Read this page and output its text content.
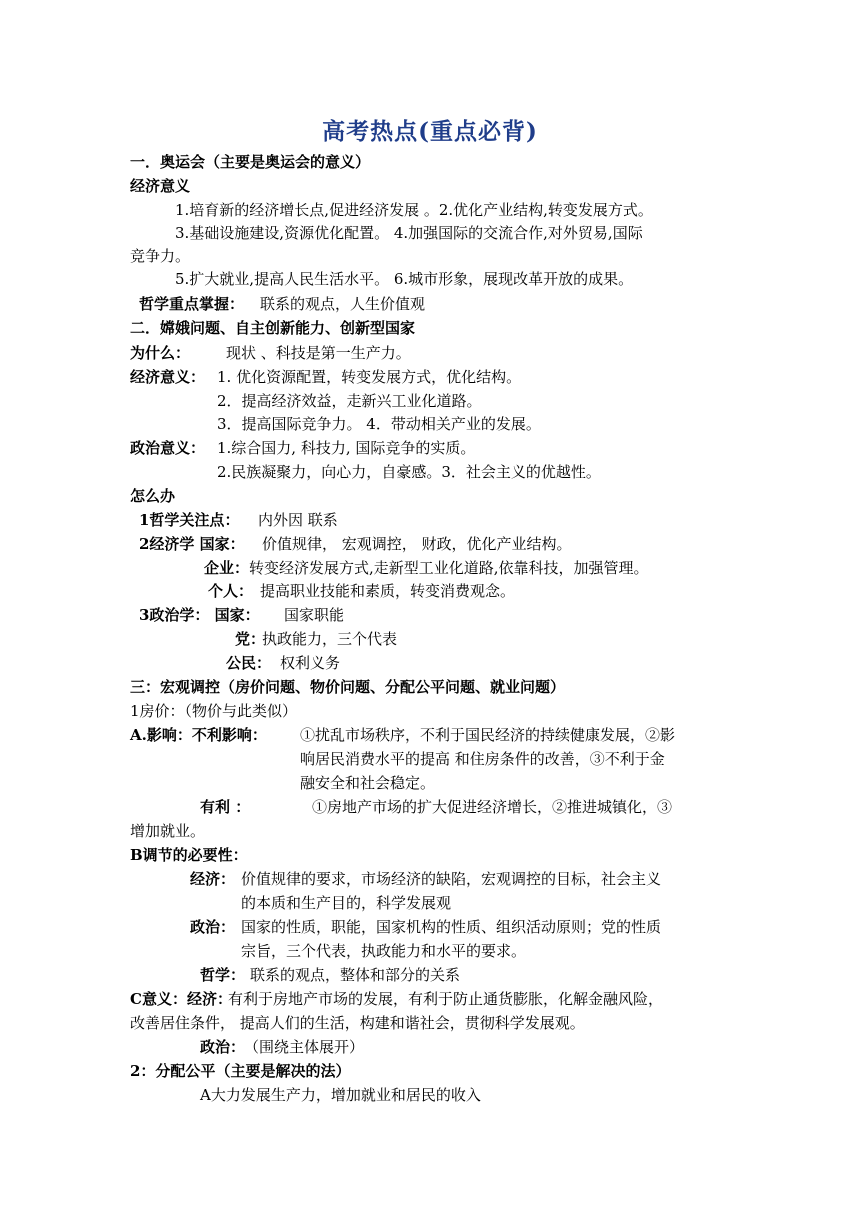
高考热点(重点必背)
一．奥运会（主要是奥运会的意义）
经济意义
1.培育新的经济增长点,促进经济发展 。2.优化产业结构,转变发展方式。
3.基础设施建设,资源优化配置。 4.加强国际的交流合作,对外贸易,国际
竞争力。
5.扩大就业,提高人民生活水平。 6.城市形象，展现改革开放的成果。
哲学重点掌握： 联系的观点，人生价值观
二．嫦娥问题、自主创新能力、创新型国家
为什么： 现状 、科技是第一生产力。
经济意义： 1. 优化资源配置，转变发展方式，优化结构。
2．提高经济效益，走新兴工业化道路。
3．提高国际竞争力。 4．带动相关产业的发展。
政治意义： 1.综合国力, 科技力, 国际竞争的实质。
2.民族凝聚力，向心力，自豪感。3．社会主义的优越性。
怎么办
1哲学关注点： 内外因 联系
2经济学 国家： 价值规律， 宏观调控， 财政，优化产业结构。
企业： 转变经济发展方式,走新型工业化道路,依靠科技，加强管理。
个人： 提高职业技能和素质，转变消费观念。
3政治学： 国家： 国家职能
党：
执政能力，三个代表
公民： 权利义务
三：宏观调控（房价问题、物价问题、分配公平问题、就业问题）
1房价：（物价与此类似）
A.影响：不利影响： ①扰乱市场秩序，不利于国民经济的持续健康发展，②影
响居民消费水平的提高 和住房条件的改善，③不利于金
融安全和社会稳定。
有利 ：	①房地产市场的扩大促进经济增长，②推进城镇化，③
增加就业。
B调节的必要性：
经济： 价值规律的要求，市场经济的缺陷，宏观调控的目标，社会主义
的本质和生产目的，科学发展观
政治： 国家的性质，职能，国家机构的性质、组织活动原则；党的性质
宗旨，三个代表，执政能力和水平的要求。
哲学： 联系的观点，整体和部分的关系
C意义：经济：
有利于房地产市场的发展，有利于防止通货膨胀，化解金融风险，
改善居住条件， 提高人们的生活，构建和谐社会，贯彻科学发展观。
政治：
（围绕主体展开）
2：分配公平（主要是解决的法）
A大力发展生产力，增加就业和居民的收入
